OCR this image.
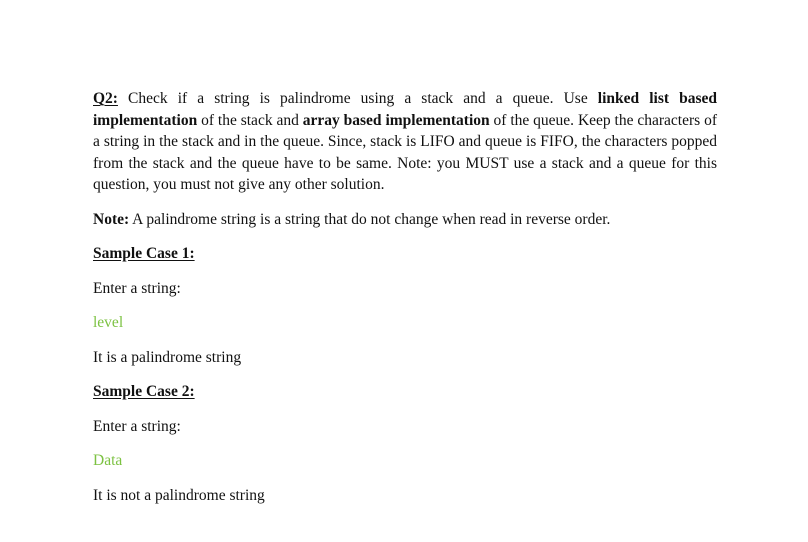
Q2: Check if a string is palindrome using a stack and a queue. Use linked list based implementation of the stack and array based implementation of the queue. Keep the characters of a string in the stack and in the queue. Since, stack is LIFO and queue is FIFO, the characters popped from the stack and the queue have to be same. Note: you MUST use a stack and a queue for this question, you must not give any other solution.

Note: A palindrome string is a string that do not change when read in reverse order.

Sample Case 1:

Enter a string:

level

It is a palindrome string

Sample Case 2:

Enter a string:

Data

It is not a palindrome string
